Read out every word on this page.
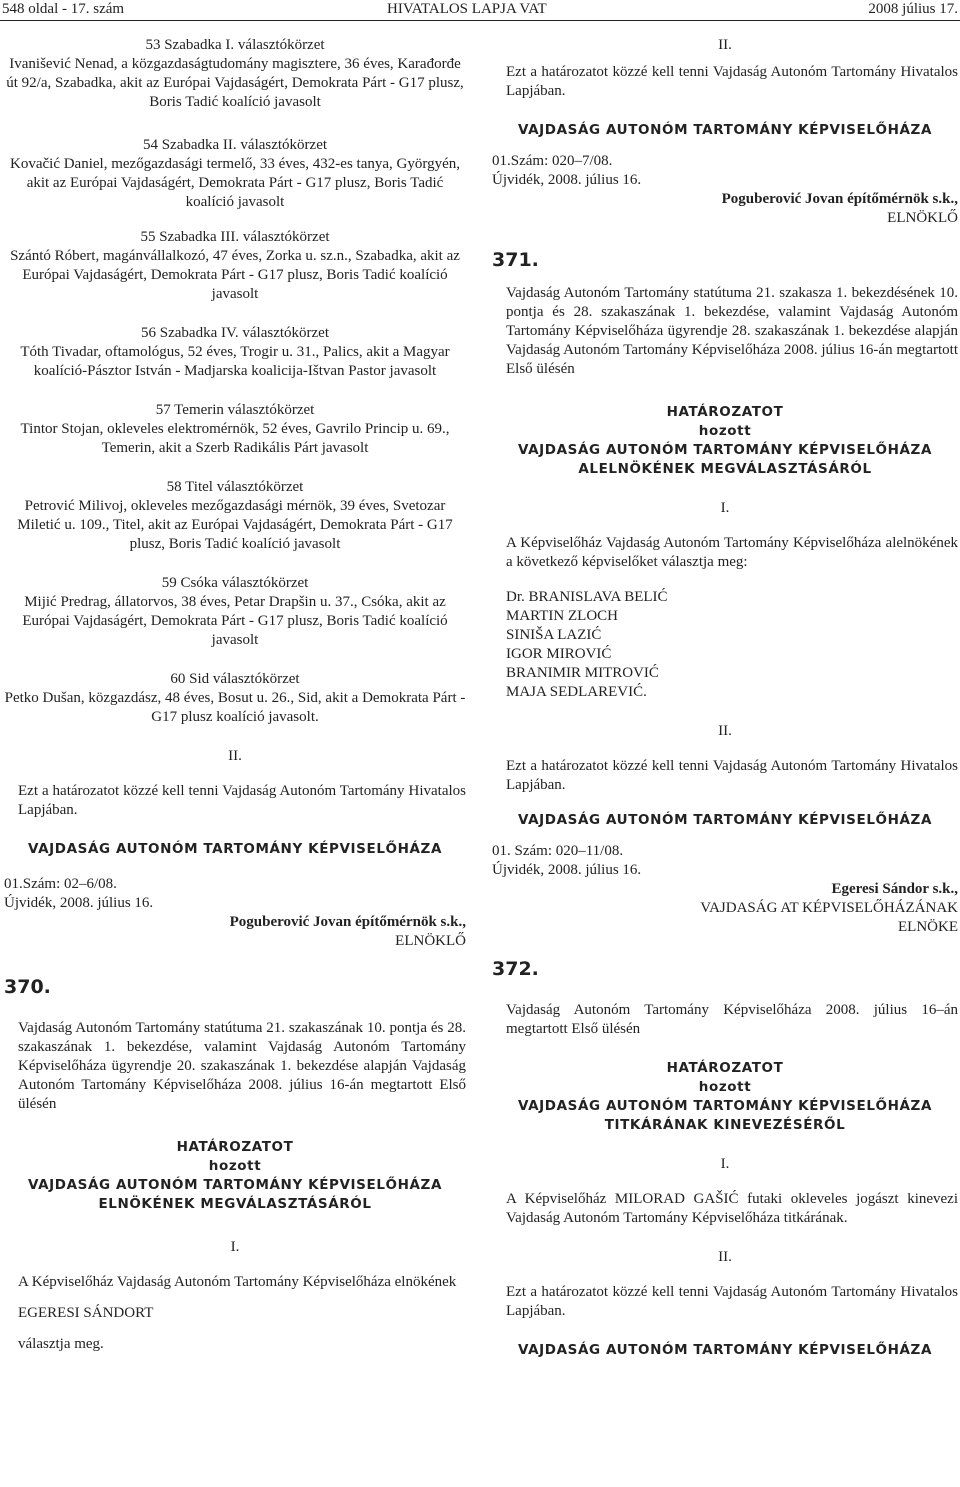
548 oldal - 17. szám	HIVATALOS LAPJA VAT	2008 július 17.

53 Szabadka I. választókörzet

Ivanišević Nenad, a közgazdaságtudomány magisztere, 36 éves, Karađorđe út 92/a, Szabadka, akit az Európai Vajdaságért, Demokrata Párt - G17 plusz, Boris Tadić koalíció javasolt

54 Szabadka II. választókörzet

Kovačić Daniel, mezőgazdasági termelő, 33 éves, 432-es tanya, Györgyén, akit az Európai Vajdaságért, Demokrata Párt - G17 plusz, Boris Tadić koalíció javasolt

55 Szabadka III. választókörzet

Szántó Róbert, magánvállalkozó, 47 éves, Zorka u. sz.n., Szabadka, akit az Európai Vajdaságért, Demokrata Párt - G17 plusz, Boris Tadić koalíció javasolt

56 Szabadka IV. választókörzet

Tóth Tivadar, oftamológus, 52 éves, Trogir u. 31., Palics, akit a Magyar koalíció-Pásztor István - Madjarska koalicija-Ištvan Pastor javasolt

57 Temerin választókörzet

Tintor Stojan, okleveles elektromérnök, 52 éves, Gavrilo Princip u. 69., Temerin, akit a Szerb Radikális Párt javasolt

58 Titel választókörzet

Petrović Milivoj, okleveles mezőgazdasági mérnök, 39 éves, Svetozar Miletić u. 109., Titel, akit az Európai Vajdaságért, Demokrata Párt - G17 plusz, Boris Tadić koalíció javasolt

59 Csóka választókörzet

Mijić Predrag, állatorvos, 38 éves, Petar Drapšin u. 37., Csóka, akit az Európai Vajdaságért, Demokrata Párt - G17 plusz, Boris Tadić koalíció javasolt

60 Sid választókörzet

Petko Dušan, közgazdász, 48 éves, Bosut u. 26., Sid, akit a Demokrata Párt - G17 plusz koalíció javasolt.

II.

Ezt a határozatot közzé kell tenni Vajdaság Autonóm Tartomány Hivatalos Lapjában.

VAJDASÁG AUTONÓM TARTOMÁNY KÉPVISELŐHÁZA

01.Szám: 02–6/08.

Újvidék, 2008. július 16.

Poguberović Jovan építőmérnök s.k.,

ELNÖKLŐ

370.

Vajdaság Autonóm Tartomány statútuma 21. szakaszának 10. pontja és 28. szakaszának 1. bekezdése, valamint Vajdaság Autonóm Tartomány Képviselőháza ügyrendje 20. szakaszának 1. bekezdése alapján Vajdaság Autonóm Tartomány Képviselőháza 2008. július 16-án megtartott Első ülésén

HATÁROZATOT

hozott

VAJDASÁG AUTONÓM TARTOMÁNY KÉPVISELŐHÁZA

ELNÖKÉNEK MEGVÁLASZTÁSÁRÓL

I.

A Képviselőház Vajdaság Autonóm Tartomány Képviselőháza elnökének

EGERESI SÁNDORT

választja meg.

II.

Ezt a határozatot közzé kell tenni Vajdaság Autonóm Tartomány Hivatalos Lapjában.

VAJDASÁG AUTONÓM TARTOMÁNY KÉPVISELŐHÁZA

01.Szám: 020–7/08.

Újvidék, 2008. július 16.

Poguberović Jovan építőmérnök s.k.,

ELNÖKLŐ

371.

Vajdaság Autonóm Tartomány statútuma 21. szakasza 1. bekezdésének 10. pontja és 28. szakaszának 1. bekezdése, valamint Vajdaság Autonóm Tartomány Képviselőháza ügyrendje 28. szakaszának 1. bekezdése alapján Vajdaság Autonóm Tartomány Képviselőháza 2008. július 16-án megtartott Első ülésén

HATÁROZATOT

hozott

VAJDASÁG AUTONÓM TARTOMÁNY KÉPVISELŐHÁZA

ALELNÖKÉNEK MEGVÁLASZTÁSÁRÓL

I.

A Képviselőház Vajdaság Autonóm Tartomány Képviselőháza alelnökének a következő képviselőket választja meg:

Dr. BRANISLAVA BELIĆ

MARTIN ZLOCH

SINIŠA LAZIĆ

IGOR MIROVIĆ

BRANIMIR MITROVIĆ

MAJA SEDLAREVIĆ.

II.

Ezt a határozatot közzé kell tenni Vajdaság Autonóm Tartomány Hivatalos Lapjában.

VAJDASÁG AUTONÓM TARTOMÁNY KÉPVISELŐHÁZA

01. Szám: 020–11/08.

Újvidék, 2008. július 16.

Egeresi Sándor s.k.,

VAJDASÁG AT KÉPVISELŐHÁZÁNAK

ELNÖKE

372.

Vajdaság Autonóm Tartomány Képviselőháza 2008. július 16–án megtartott Első ülésén

HATÁROZATOT

hozott

VAJDASÁG AUTONÓM TARTOMÁNY KÉPVISELŐHÁZA

TITKÁRÁNAK KINEVEZÉSÉRŐL

I.

A Képviselőház MILORAD GAŠIĆ futaki okleveles jogászt kinevezi Vajdaság Autonóm Tartomány Képviselőháza titkárának.

II.

Ezt a határozatot közzé kell tenni Vajdaság Autonóm Tartomány Hivatalos Lapjában.

VAJDASÁG AUTONÓM TARTOMÁNY KÉPVISELŐHÁZA
